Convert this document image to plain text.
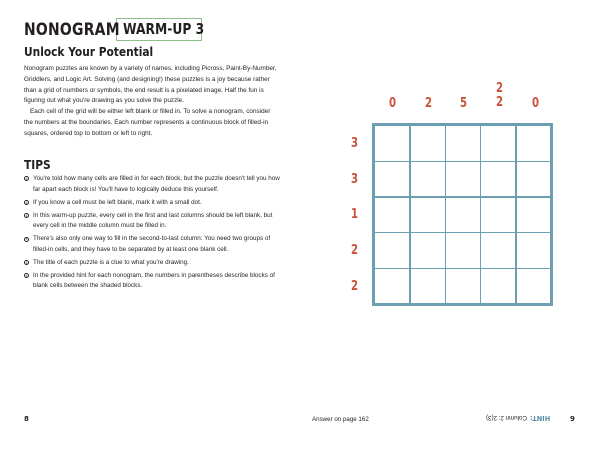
NONOGRAM WARM-UP 3
Unlock Your Potential

Nonogram puzzles are known by a variety of names, including Picross, Paint-By-Number, Griddlers, and Logic Art. Solving (and designing!) these puzzles is a joy because rather than a grid of numbers or symbols, the end result is a pixelated image. Half the fun is figuring out what you're drawing as you solve the puzzle.

Each cell of the grid will be either left blank or filled in. To solve a nonogram, consider the numbers at the boundaries. Each number represents a continuous block of filled-in squares, ordered top to bottom or left to right.

TIPS
You're told how many cells are filled in for each block, but the puzzle doesn't tell you how far apart each block is! You'll have to logically deduce this yourself.
If you know a cell must be left blank, mark it with a small dot.
In this warm-up puzzle, every cell in the first and last columns should be left blank, but every cell in the middle column must be filled in.
There's also only one way to fill in the second-to-last column: You need two groups of filled-in cells, and they have to be separated by at least one blank cell.
The title of each puzzle is a clue to what you're drawing.
In the provided hint for each nonogram, the numbers in parentheses describe blocks of blank cells between the shaded blocks.
0	2	5
2
2	0
3
3
1
2
2
8	Answer on page 162	HINT:Column 2: 2(3)	9
